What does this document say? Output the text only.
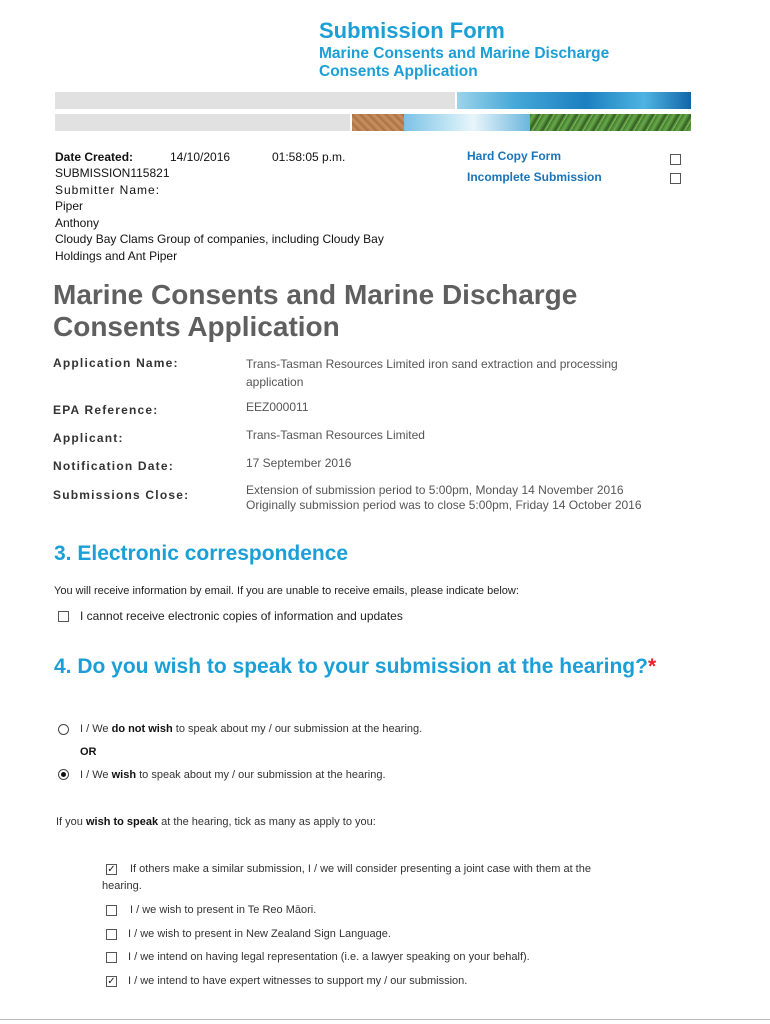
Submission Form
Marine Consents and Marine Discharge Consents Application
Date Created:	14/10/2016	01:58:05 p.m.
SUBMISSION115821
Submitter Name:
Piper
Anthony
Cloudy Bay Clams Group of companies, including Cloudy Bay
Holdings and Ant Piper
Hard Copy Form
Incomplete Submission
Marine Consents and Marine Discharge Consents Application
Application Name:	Trans-Tasman Resources Limited iron sand extraction and processing application
EPA Reference:	EEZ000011
Applicant:	Trans-Tasman Resources Limited
Notification Date:	17 September 2016
Submissions Close:	Extension of submission period to 5:00pm, Monday 14 November 2016
Originally submission period was to close 5:00pm, Friday 14 October 2016
3. Electronic correspondence
You will receive information by email. If you are unable to receive emails, please indicate below:
I cannot receive electronic copies of information and updates
4. Do you wish to speak to your submission at the hearing?*
I / We do not wish to speak about my / our submission at the hearing.
OR
I / We wish to speak about my / our submission at the hearing.
If you wish to speak at the hearing, tick as many as apply to you:
✓ If others make a similar submission, I / we will consider presenting a joint case with them at the
hearing.
I / we wish to present in Te Reo Māori.
I / we wish to present in New Zealand Sign Language.
I / we intend on having legal representation (i.e. a lawyer speaking on your behalf).
✓ I / we intend to have expert witnesses to support my / our submission.
